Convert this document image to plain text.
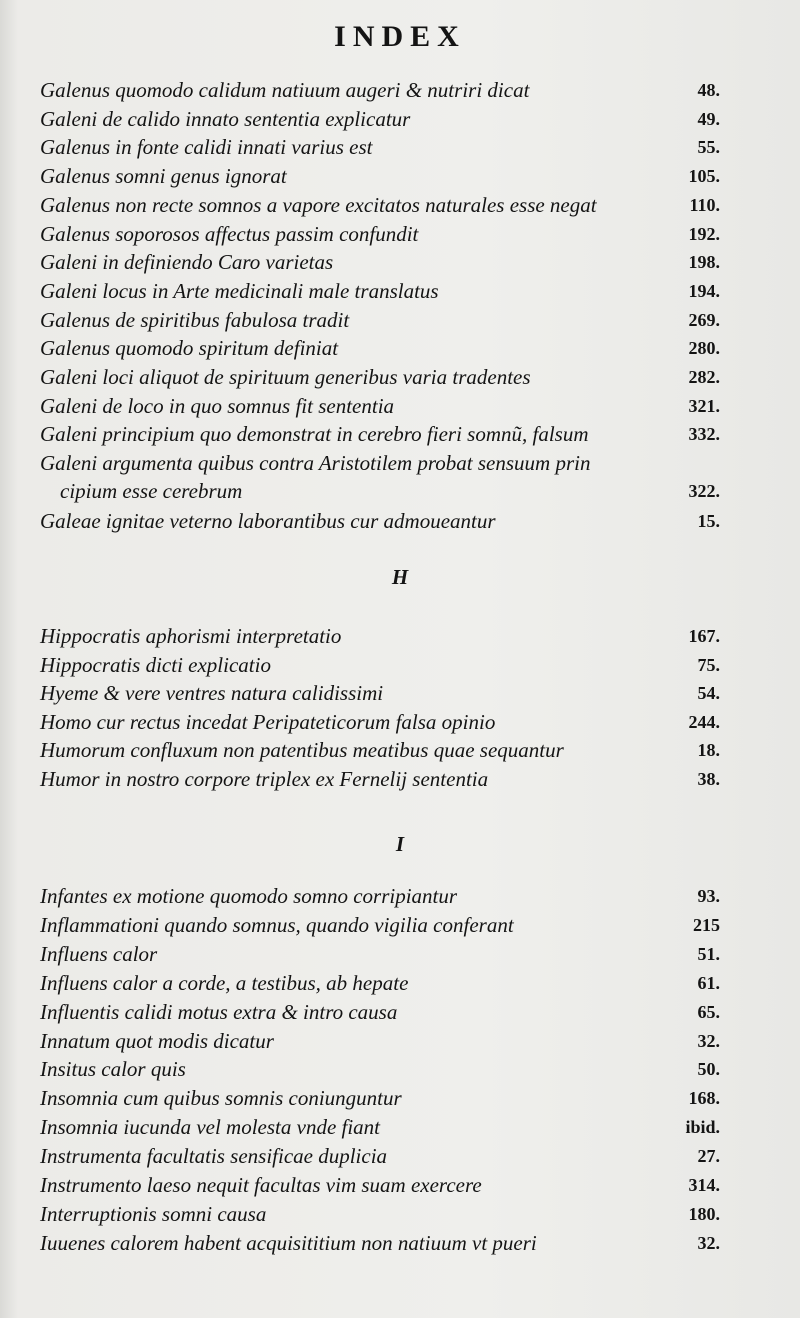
INDEX
Galenus quomodo calidum natiuum augeri & nutriri dicat	48.
Galeni de calido innato sententia explicatur	49.
Galenus in fonte calidi innati varius est	55.
Galenus somni genus ignorat	105.
Galenus non recte somnos a vapore excitatos naturales esse negat	110.
Galenus soporosos affectus passim confundit	192.
Galeni in definiendo Caro varietas	198.
Galeni locus in Arte medicinali male translatus	194.
Galenus de spiritibus fabulosa tradit	269.
Galenus quomodo spiritum definiat	280.
Galeni loci aliquot de spirituum generibus varia tradentes	282.
Galeni de loco in quo somnus fit sententia	321.
Galeni principium quo demonstrat in cerebro fieri somnũ, falsum	332.
Galeni argumenta quibus contra Aristotilem probat sensuum prin
cipium esse cerebrum	322.
Galeae ignitae veterno laborantibus cur admoueantur	15.
Hippocratis aphorismi interpretatio	167.
Hippocratis dicti explicatio	75.
Hyeme & vere ventres natura calidissimi	54.
Homo cur rectus incedat Peripateticorum falsa opinio	244.
Humorum confluxum non patentibus meatibus quae sequantur	18.
Humor in nostro corpore triplex ex Fernelij sententia	38.
Infantes ex motione quomodo somno corripiantur	93.
Inflammationi quando somnus, quando vigilia conferant	215
Influens calor	51.
Influens calor a corde, a testibus, ab hepate	61.
Influentis calidi motus extra & intro causa	65.
Innatum quot modis dicatur	32.
Insitus calor quis	50.
Insomnia cum quibus somnis coniunguntur	168.
Insomnia iucunda vel molesta vnde fiant	ibid.
Instrumenta facultatis sensificae duplicia	27.
Instrumento laeso nequit facultas vim suam exercere	314.
Interruptionis somni causa	180.
Iuuenes calorem habent acquisititium non natiuum vt pueri	32.
H
I
